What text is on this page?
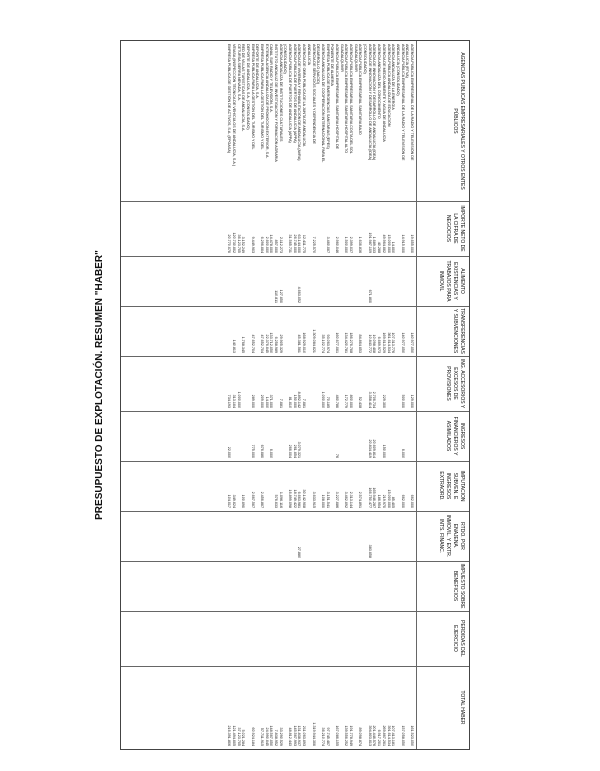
PRESUPUESTO DE EXPLOTACIÓN. RESUMEN "HABER"
AGENCIAS PÚBLICAS EMPRESARIALES Y OTROS ENTES PÚBLICOS
IMPORTE NETO DE LA CIFRA DE NEGOCIOS
ALIMENTO EXISTENCIAS Y TRABAJOS PARA INMOVIL
TRANSFERENCIAS Y SUBVENCIONES
ING. ACCESORIOS Y EXCESOS DE PROVISIONES
INGRESOS FINANCIEROS Y ASIMILADOS
IMPUTACIÓN SUBVEN. E INGRESOS EXTRAORD.
RTDO. POR ENAJENA. INMOVIL. Y EXTR. INTS. FINANC.
IMPUESTO SOBRE BENEFICIOS
PÉRDIDAS DEL EJERCICIO
TOTAL HABER
AGENCIA PÚBLICA EMPRESARIAL DE LA RADIO Y TELEVISIÓN DE
19.655.000
140.977.050
129.000
662.000
161.523.050
ANDALUCÍA (RTVA)
AGENCIA PÚBLICA EMPRESARIAL DE LA RADIO Y TELEVISIÓN DE
14.915.000
140.977.050
500.000
6.000
662.000
157.058.050
ANDALUCÍA (CONSOLIDADO)
AGENCIA ANDALUZA DE LA ENERGÍA
14.600
107.313.776
85.405
107.413.181
AGENCIA PÚBLICA ANDALUZA DE EDUCACIÓN
15.000.000
361.614.534
15.000.000
391.614.534
AGENCIA DE MEDIO AMBIENTE Y AGUA DE ANDALUCÍA
49.964.662
169.613.529
229.300
150.000
219.970
269.867.261
AGENCIA ANDALUZA DEL CONOCIMIENTO
40.288
6.669.973
186.954
6.917.201
AGENCIA DE INNOVACIÓN Y DESARROLLO DE ANDALUCÍA (IDEA)
1.689.333
10.098.408
2.706.734
20.609.814
165.946.287
201.446.576
AGENCIA DE INNOVACIÓN Y DESARROLLO DE ANDALUCÍA (IDEA)
191.987.109
671.800
10.843.772
3.358.414
20.834.419
166.750.477
383.658
394.803.613
(CONSOLIDADO)
AGENCIA PÚBLICA EMPRESARIAL SANITARIA BAJO
1.636.836
84.864.653
52.438
2.574.891
89.098.874
GUADALQUIVIR
AGENCIA PÚBLICA EMPRESARIAL SANITARIA COSTA DEL SOL
2.399.037
186.276.768
800.000
2.313.144
191.778.949
AGENCIA PÚBLICA EMPRESARIAL SANITARIA HOSPITAL ALTO
1.500.000
134.420.781
172.779
3.462.692
139.556.252
GUADALQUIVIR
AGENCIA PÚBLICA EMPRESARIAL SANITARIA HOSPITAL DE
2.960.046
160.677.061
460.786
76
3.227.686
167.086.155
PONIENTE DE ALMERÍA
EMPRESA PÚBLICA DE EMERGENCIAS SANITARIAS (EPES)
3.460.067
93.063.974
70.185
3.151.541
97.745.467
AGENCIA ANDALUZA DE COOPERACIÓN INTERNACIONAL PARA EL
35.102.774
1.000.000
108.000
36.210.774
DESARROLLO (AACID)
AGENCIA DE SERVICIOS SOCIALES Y DEPENDENCIA DE
7.225.570
1.309.084.621
3.633.915
1.319.944.306
ANDALUCÍA
AGENCIA DE OBRA PÚBLICA DE LA JUNTA DE ANDALUCÍA
12.411.775
168.929.010
7.681
30.142.908
211.063.693
AGENCIA DE VIVIENDA Y REHABILITACIÓN DE ANDALUCÍA (AVRA)
63.144.000
4.663.052
45.381.561
8.892.142
3.079.321
6.663.981
27.880
131.838.937
AGENCIA PÚBLICA DE PUERTOS DE ANDALUCÍA (APPA)
26.745.000
150.000
261.654
18.749.422
145.567.993
AGENCIA PÚBLICA DE PUERTOS DE ANDALUCÍA (APPA)
31.565.731
81.610
266.004
16.899.098
48.812.443
(CONSOLIDADO)
AGENCIA ANDALUZA DE INSTITUCIONES CULTURALES
2.112.273
127.650
29.905.329
7.681
1.096.116
33.290.529
INSTITUTO ANDALUZ DE INVESTIGACIÓN Y FORMACIÓN AGRARIA
857.000
110.811
6.258.989
576.633
7.838.952
CANAL SUR RADIO Y TELEVISIÓN, S.A.
14.478.000
133.712.050
371.000
6.000
148.567.050
EXTENDA-AGENCIA ANDALUZA DE PROMOCIÓN EXTERIOR, S.A.
2.600.000
22.376.645
14.000
24.990.645
EMPRESA PÚBLICA PARA LA GESTIÓN DEL TURISMO Y DEL
6.296.664
47.652.704
209.000
676.680
2.456.867
57.711.915
DEPORTE DE ANDALUCÍA, S.A.
EMPRESA PÚBLICA PARA LA GESTIÓN DEL TURISMO Y DEL
9.449.903
47.652.704
289.000
775.000
2.667.567
60.924.184
DEPORTE DE ANDALUCÍA, S.A. (CONSOLIDADO)
RED DE VILLAS TURÍSTICAS DE ANDALUCÍA, S.A.
3.152.249
1.768.345
100.690
5.021.284
CETURSA SIERRA NEVADA, S.A.
36.123.705
1.000.000
37.123.705
VEIASA (INSPECCIÓN TÉCNICA DE VEHÍCULOS DE ANDALUCÍA, S.A.)
120.730.602
140.813
313.164
349.624
121.494.605
EMPRESA PÚBLICA DE GESTIÓN DE ACTIVOS, S.A. (EPGASA)
20.770.076
734.193
22.000
104.017
216.391.806
